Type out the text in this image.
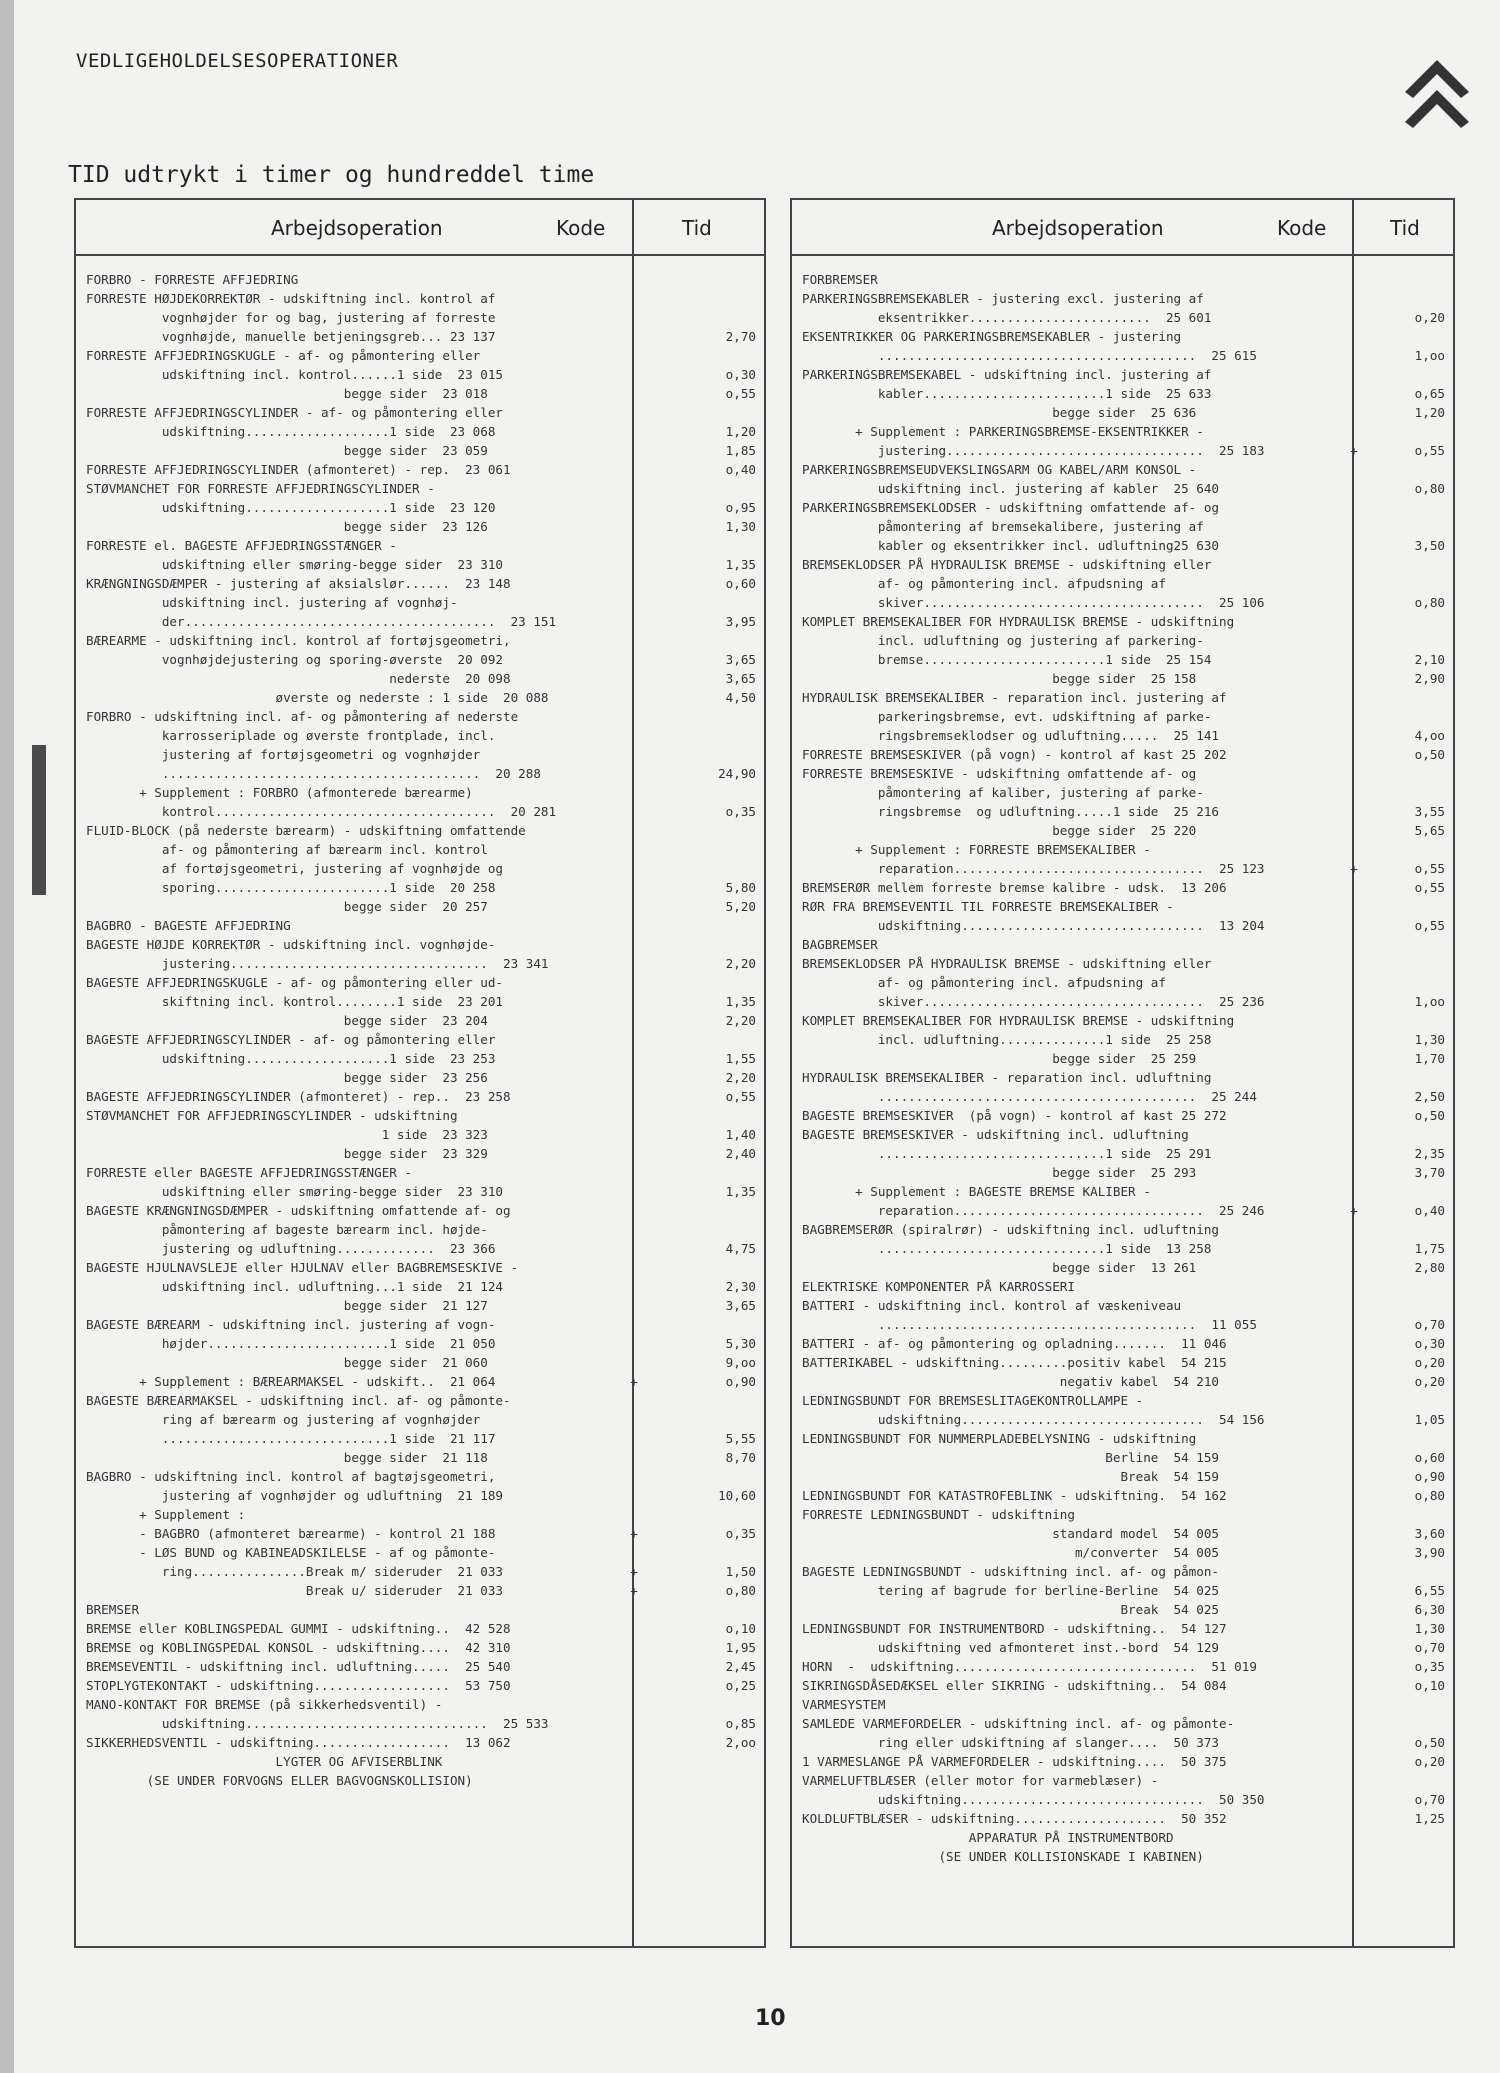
VEDLIGEHOLDELSESOPERATIONER
TID udtrykt i timer og hundreddel time
Arbejdsoperation	Kode	Tid
FORBRO - FORRESTE AFFJEDRING
FORRESTE HØJDEKORREKTØR - udskiftning incl. kontrol af
vognhøjder for og bag, justering af forreste
vognhøjde, manuelle betjeningsgreb... 23 137	2,70
FORRESTE AFFJEDRINGSKUGLE - af- og påmontering eller
udskiftning incl. kontrol......1 side  23 015	o,30
begge sider  23 018	o,55
FORRESTE AFFJEDRINGSCYLINDER - af- og påmontering eller
udskiftning...................1 side  23 068	1,20
begge sider  23 059	1,85
FORRESTE AFFJEDRINGSCYLINDER (afmonteret) - rep.  23 061	o,40
STØVMANCHET FOR FORRESTE AFFJEDRINGSCYLINDER -
udskiftning...................1 side  23 120	o,95
begge sider  23 126	1,30
FORRESTE el. BAGESTE AFFJEDRINGSSTÆNGER -
udskiftning eller smøring-begge sider  23 310	1,35
KRÆNGNINGSDÆMPER - justering af aksialslør......  23 148	o,60
udskiftning incl. justering af vognhøj-
der.........................................  23 151	3,95
BÆREARME - udskiftning incl. kontrol af fortøjsgeometri,
vognhøjdejustering og sporing-øverste  20 092	3,65
nederste  20 098	3,65
øverste og nederste : 1 side  20 088	4,50
FORBRO - udskiftning incl. af- og påmontering af nederste
karrosseriplade og øverste frontplade, incl.
justering af fortøjsgeometri og vognhøjder
..........................................  20 288	24,90
+ Supplement : FORBRO (afmonterede bærearme)
kontrol.....................................  20 281	o,35
FLUID-BLOCK (på nederste bærearm) - udskiftning omfattende
af- og påmontering af bærearm incl. kontrol
af fortøjsgeometri, justering af vognhøjde og
sporing.......................1 side  20 258	5,80
begge sider  20 257	5,20
BAGBRO - BAGESTE AFFJEDRING
BAGESTE HØJDE KORREKTØR - udskiftning incl. vognhøjde-
justering..................................  23 341	2,20
BAGESTE AFFJEDRINGSKUGLE - af- og påmontering eller ud-
skiftning incl. kontrol........1 side  23 201	1,35
begge sider  23 204	2,20
BAGESTE AFFJEDRINGSCYLINDER - af- og påmontering eller
udskiftning...................1 side  23 253	1,55
begge sider  23 256	2,20
BAGESTE AFFJEDRINGSCYLINDER (afmonteret) - rep..  23 258	o,55
STØVMANCHET FOR AFFJEDRINGSCYLINDER - udskiftning
1 side  23 323	1,40
begge sider  23 329	2,40
FORRESTE eller BAGESTE AFFJEDRINGSSTÆNGER -
udskiftning eller smøring-begge sider  23 310	1,35
BAGESTE KRÆNGNINGSDÆMPER - udskiftning omfattende af- og
påmontering af bageste bærearm incl. højde-
justering og udluftning.............  23 366	4,75
BAGESTE HJULNAVSLEJE eller HJULNAV eller BAGBREMSESKIVE -
udskiftning incl. udluftning...1 side  21 124	2,30
begge sider  21 127	3,65
BAGESTE BÆREARM - udskiftning incl. justering af vogn-
højder........................1 side  21 050	5,30
begge sider  21 060	9,oo
+ Supplement : BÆREARMAKSEL - udskift..  21 064	+	o,90
BAGESTE BÆREARMAKSEL - udskiftning incl. af- og påmonte-
ring af bærearm og justering af vognhøjder
..............................1 side  21 117	5,55
begge sider  21 118	8,70
BAGBRO - udskiftning incl. kontrol af bagtøjsgeometri,
justering af vognhøjder og udluftning  21 189	10,60
+ Supplement :
- BAGBRO (afmonteret bærearme) - kontrol 21 188	+	o,35
- LØS BUND og KABINEADSKILELSE - af og påmonte-
ring...............Break m/ sideruder  21 033	+	1,50
Break u/ sideruder  21 033	+	o,80
BREMSER
BREMSE eller KOBLINGSPEDAL GUMMI - udskiftning..  42 528	o,10
BREMSE og KOBLINGSPEDAL KONSOL - udskiftning....  42 310	1,95
BREMSEVENTIL - udskiftning incl. udluftning.....  25 540	2,45
STOPLYGTEKONTAKT - udskiftning..................  53 750	o,25
MANO-KONTAKT FOR BREMSE (på sikkerhedsventil) -
udskiftning................................  25 533	o,85
SIKKERHEDSVENTIL - udskiftning..................  13 062	2,oo
LYGTER OG AFVISERBLINK
(SE UNDER FORVOGNS ELLER BAGVOGNSKOLLISION)
Arbejdsoperation	Kode	Tid
FORBREMSER
PARKERINGSBREMSEKABLER - justering excl. justering af
eksentrikker........................  25 601	o,20
EKSENTRIKKER OG PARKERINGSBREMSEKABLER - justering
..........................................  25 615	1,oo
PARKERINGSBREMSEKABEL - udskiftning incl. justering af
kabler........................1 side  25 633	o,65
begge sider  25 636	1,20
+ Supplement : PARKERINGSBREMSE-EKSENTRIKKER -
justering..................................  25 183	+	o,55
PARKERINGSBREMSEUDVEKSLINGSARM OG KABEL/ARM KONSOL -
udskiftning incl. justering af kabler  25 640	o,80
PARKERINGSBREMSEKLODSER - udskiftning omfattende af- og
påmontering af bremsekalibere, justering af
kabler og eksentrikker incl. udluftning25 630	3,50
BREMSEKLODSER PÅ HYDRAULISK BREMSE - udskiftning eller
af- og påmontering incl. afpudsning af
skiver.....................................  25 106	o,80
KOMPLET BREMSEKALIBER FOR HYDRAULISK BREMSE - udskiftning
incl. udluftning og justering af parkering-
bremse........................1 side  25 154	2,10
begge sider  25 158	2,90
HYDRAULISK BREMSEKALIBER - reparation incl. justering af
parkeringsbremse, evt. udskiftning af parke-
ringsbremseklodser og udluftning.....  25 141	4,oo
FORRESTE BREMSESKIVER (på vogn) - kontrol af kast 25 202	o,50
FORRESTE BREMSESKIVE - udskiftning omfattende af- og
påmontering af kaliber, justering af parke-
ringsbremse  og udluftning.....1 side  25 216	3,55
begge sider  25 220	5,65
+ Supplement : FORRESTE BREMSEKALIBER -
reparation.................................  25 123	+	o,55
BREMSERØR mellem forreste bremse kalibre - udsk.  13 206	o,55
RØR FRA BREMSEVENTIL TIL FORRESTE BREMSEKALIBER -
udskiftning................................  13 204	o,55
BAGBREMSER
BREMSEKLODSER PÅ HYDRAULISK BREMSE - udskiftning eller
af- og påmontering incl. afpudsning af
skiver.....................................  25 236	1,oo
KOMPLET BREMSEKALIBER FOR HYDRAULISK BREMSE - udskiftning
incl. udluftning..............1 side  25 258	1,30
begge sider  25 259	1,70
HYDRAULISK BREMSEKALIBER - reparation incl. udluftning
..........................................  25 244	2,50
BAGESTE BREMSESKIVER  (på vogn) - kontrol af kast 25 272	o,50
BAGESTE BREMSESKIVER - udskiftning incl. udluftning
..............................1 side  25 291	2,35
begge sider  25 293	3,70
+ Supplement : BAGESTE BREMSE KALIBER -
reparation.................................  25 246	+	o,40
BAGBREMSERØR (spiralrør) - udskiftning incl. udluftning
..............................1 side  13 258	1,75
begge sider  13 261	2,80
ELEKTRISKE KOMPONENTER PÅ KARROSSERI
BATTERI - udskiftning incl. kontrol af væskeniveau
..........................................  11 055	o,70
BATTERI - af- og påmontering og opladning.......  11 046	o,30
BATTERIKABEL - udskiftning.........positiv kabel  54 215	o,20
negativ kabel  54 210	o,20
LEDNINGSBUNDT FOR BREMSESLITAGEKONTROLLAMPE -
udskiftning................................  54 156	1,05
LEDNINGSBUNDT FOR NUMMERPLADEBELYSNING - udskiftning
Berline  54 159	o,60
Break  54 159	o,90
LEDNINGSBUNDT FOR KATASTROFEBLINK - udskiftning.  54 162	o,80
FORRESTE LEDNINGSBUNDT - udskiftning
standard model  54 005	3,60
m/converter  54 005	3,90
BAGESTE LEDNINGSBUNDT - udskiftning incl. af- og påmon-
tering af bagrude for berline-Berline  54 025	6,55
Break  54 025	6,30
LEDNINGSBUNDT FOR INSTRUMENTBORD - udskiftning..  54 127	1,30
udskiftning ved afmonteret inst.-bord  54 129	o,70
HORN  -  udskiftning................................  51 019	o,35
SIKRINGSDÅSEDÆKSEL eller SIKRING - udskiftning..  54 084	o,10
VARMESYSTEM
SAMLEDE VARMEFORDELER - udskiftning incl. af- og påmonte-
ring eller udskiftning af slanger....  50 373	o,50
1 VARMESLANGE PÅ VARMEFORDELER - udskiftning....  50 375	o,20
VARMELUFTBLÆSER (eller motor for varmeblæser) -
udskiftning................................  50 350	o,70
KOLDLUFTBLÆSER - udskiftning....................  50 352	1,25
APPARATUR PÅ INSTRUMENTBORD
(SE UNDER KOLLISIONSKADE I KABINEN)
10
